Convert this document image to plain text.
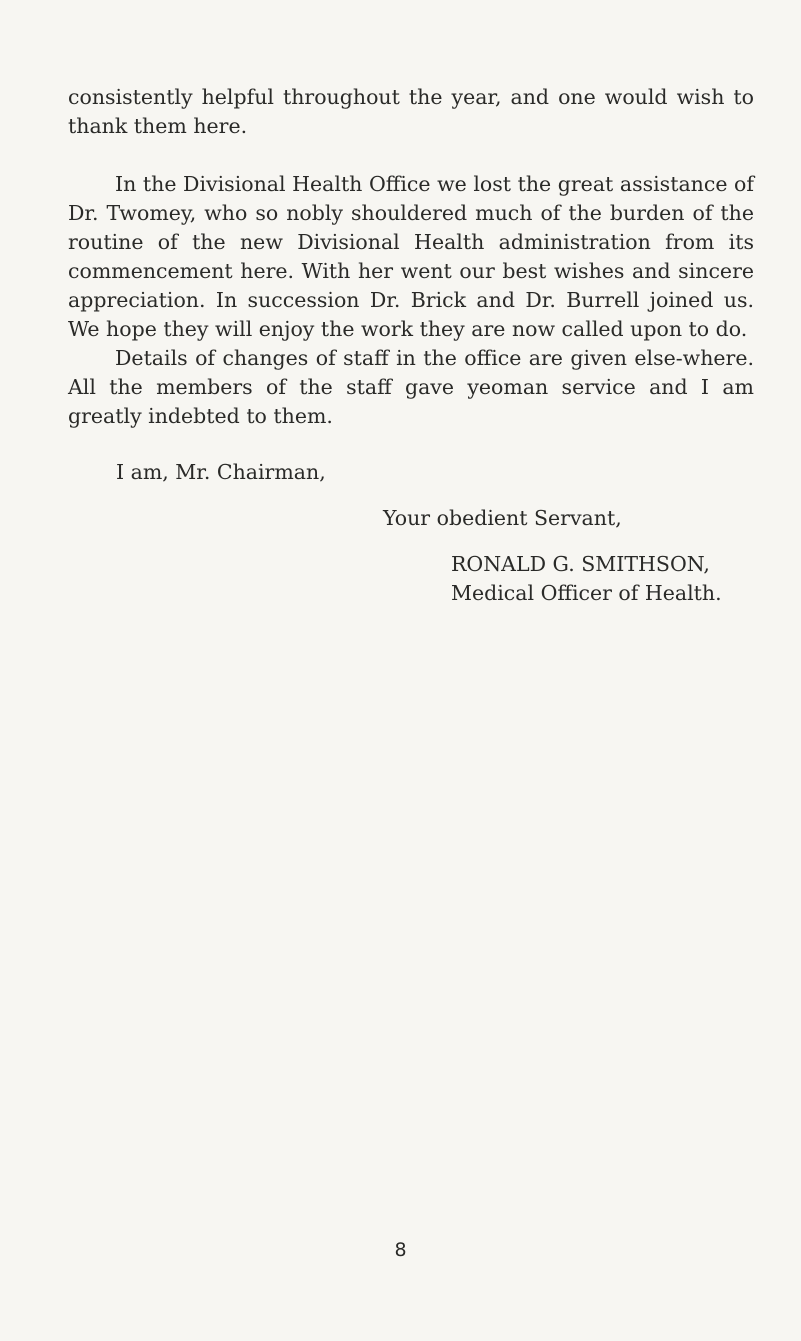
consistently helpful throughout the year, and one would wish to thank them here.

In the Divisional Health Office we lost the great assistance of Dr. Twomey, who so nobly shouldered much of the burden of the routine of the new Divisional Health administration from its commencement here. With her went our best wishes and sincere appreciation. In succession Dr. Brick and Dr. Burrell joined us. We hope they will enjoy the work they are now called upon to do.

Details of changes of staff in the office are given else-where. All the members of the staff gave yeoman service and I am greatly indebted to them.

I am, Mr. Chairman,

Your obedient Servant,

RONALD G. SMITHSON,

Medical Officer of Health.

8
